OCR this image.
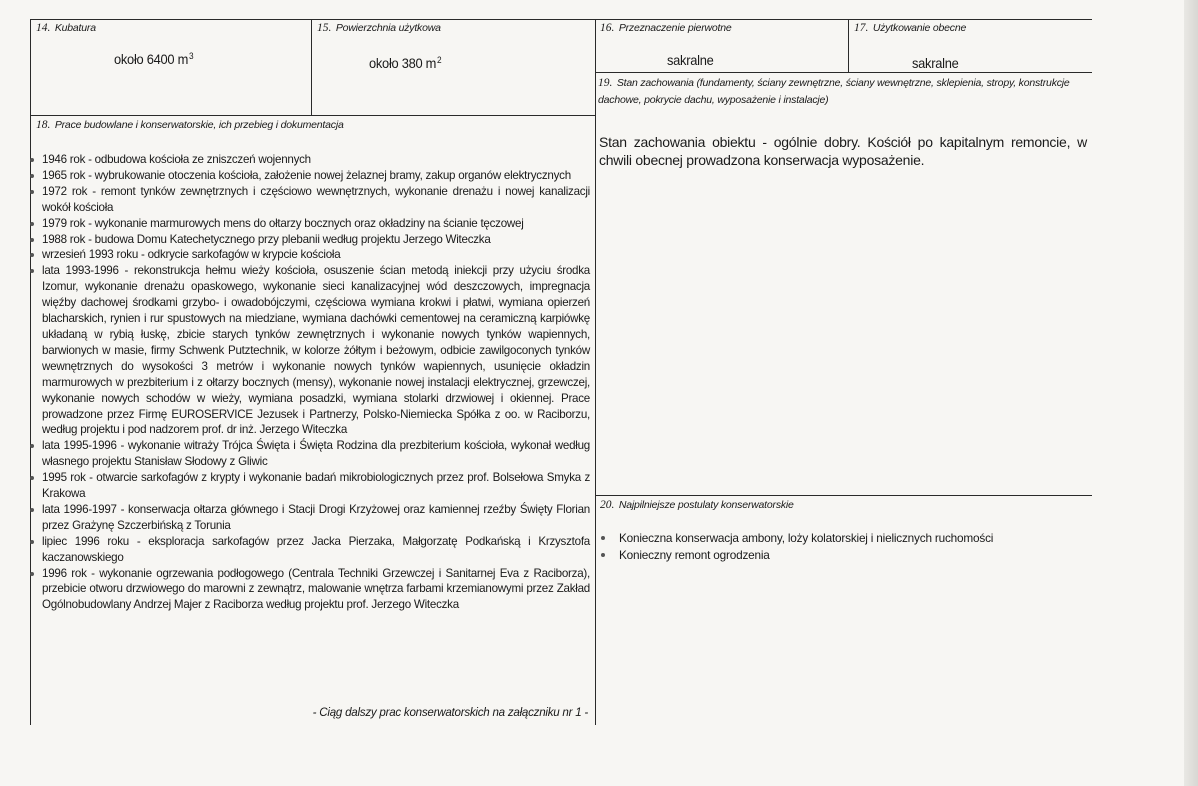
14. Kubatura
około 6400 $m^3$
15. Powierzchnia użytkowa
około 380 $m^2$
16. Przeznaczenie pierwotne
sakralne
17. Użytkowanie obecne
sakralne
19. Stan zachowania (fundamenty, ściany zewnętrzne, ściany wewnętrzne, sklepienia, stropy, konstrukcje dachowe, pokrycie dachu, wyposażenie i instalacje)
Stan zachowania obiektu - ogólnie dobry. Kościół po kapitalnym remoncie, w chwili obecnej prowadzona konserwacja wyposażenie.
18. Prace budowlane i konserwatorskie, ich przebieg i dokumentacja
1946 rok - odbudowa kościoła ze zniszczeń wojennych
1965 rok - wybrukowanie otoczenia kościoła, założenie nowej żelaznej bramy, zakup organów elektrycznych
1972 rok - remont tynków zewnętrznych i częściowo wewnętrznych, wykonanie drenażu i nowej kanalizacji wokół kościoła
1979 rok - wykonanie marmurowych mens do ołtarzy bocznych oraz okładziny na ścianie tęczowej
1988 rok - budowa Domu Katechetycznego przy plebanii według projektu Jerzego Witeczka
wrzesień 1993 roku - odkrycie sarkofagów w krypcie kościoła
lata 1993-1996 - rekonstrukcja hełmu wieży kościoła, osuszenie ścian metodą iniekcji przy użyciu środka Izomur, wykonanie drenażu opaskowego, wykonanie sieci kanalizacyjnej wód deszczowych, impregnacja więźby dachowej środkami grzybo- i owadobójczymi, częściowa wymiana krokwi i płatwi, wymiana opierzeń blacharskich, rynien i rur spustowych na miedziane, wymiana dachówki cementowej na ceramiczną karpiówkę układaną w rybią łuskę, zbicie starych tynków zewnętrznych i wykonanie nowych tynków wapiennych, barwionych w masie, firmy Schwenk Putztechnik, w kolorze żółtym i beżowym, odbicie zawilgoconych tynków wewnętrznych do wysokości 3 metrów i wykonanie nowych tynków wapiennych, usunięcie okładzin marmurowych w prezbiterium i z ołtarzy bocznych (mensy), wykonanie nowej instalacji elektrycznej, grzewczej, wykonanie nowych schodów w wieży, wymiana posadzki, wymiana stolarki drzwiowej i okiennej. Prace prowadzone przez Firmę EUROSERVICE Jezusek i Partnerzy, Polsko-Niemiecka Spółka z oo. w Raciborzu, według projektu i pod nadzorem prof. dr inż. Jerzego Witeczka
lata 1995-1996 - wykonanie witraży Trójca Święta i Święta Rodzina dla prezbiterium kościoła, wykonał według własnego projektu Stanisław Słodowy z Gliwic
1995 rok - otwarcie sarkofagów z krypty i wykonanie badań mikrobiologicznych przez prof. Bolsełowa Smyka z Krakowa
lata 1996-1997 - konserwacja ołtarza głównego i Stacji Drogi Krzyżowej oraz kamiennej rzeźby Święty Florian przez Grażynę Szczerbińską z Torunia
lipiec 1996 roku - eksploracja sarkofagów przez Jacka Pierzaka, Małgorzatę Podkańską i Krzysztofa kaczanowskiego
1996 rok - wykonanie ogrzewania podłogowego (Centrala Techniki Grzewczej i Sanitarnej Eva z Raciborza), przebicie otworu drzwiowego do marowni z zewnątrz, malowanie wnętrza farbami krzemianowymi przez Zakład Ogólnobudowlany Andrzej Majer z Raciborza według projektu prof. Jerzego Witeczka
- Ciąg dalszy prac konserwatorskich na załączniku nr 1 -
20. Najpilniejsze postulaty konserwatorskie
Konieczna konserwacja ambony, loży kolatorskiej i nielicznych ruchomości
Konieczny remont ogrodzenia
